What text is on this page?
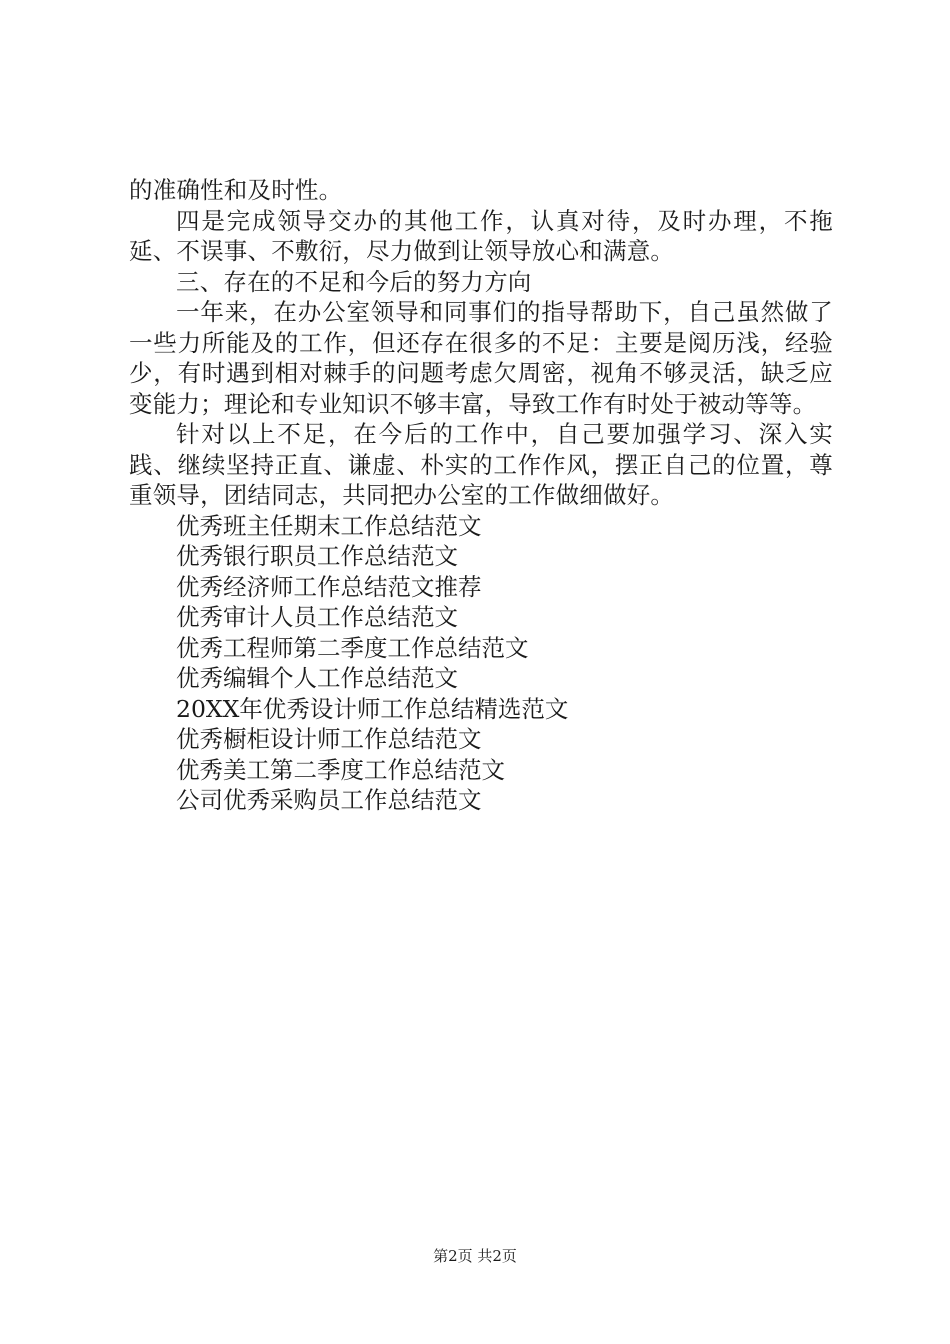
的准确性和及时性。

四是完成领导交办的其他工作，认真对待，及时办理，不拖延、不误事、不敷衍，尽力做到让领导放心和满意。

三、存在的不足和今后的努力方向

一年来，在办公室领导和同事们的指导帮助下，自己虽然做了一些力所能及的工作，但还存在很多的不足：主要是阅历浅，经验少，有时遇到相对棘手的问题考虑欠周密，视角不够灵活，缺乏应变能力；理论和专业知识不够丰富，导致工作有时处于被动等等。

针对以上不足，在今后的工作中，自己要加强学习、深入实践、继续坚持正直、谦虚、朴实的工作作风，摆正自己的位置，尊重领导，团结同志，共同把办公室的工作做细做好。

优秀班主任期末工作总结范文
优秀银行职员工作总结范文
优秀经济师工作总结范文推荐
优秀审计人员工作总结范文
优秀工程师第二季度工作总结范文
优秀编辑个人工作总结范文
20XX年优秀设计师工作总结精选范文
优秀橱柜设计师工作总结范文
优秀美工第二季度工作总结范文
公司优秀采购员工作总结范文
第2页 共2页
